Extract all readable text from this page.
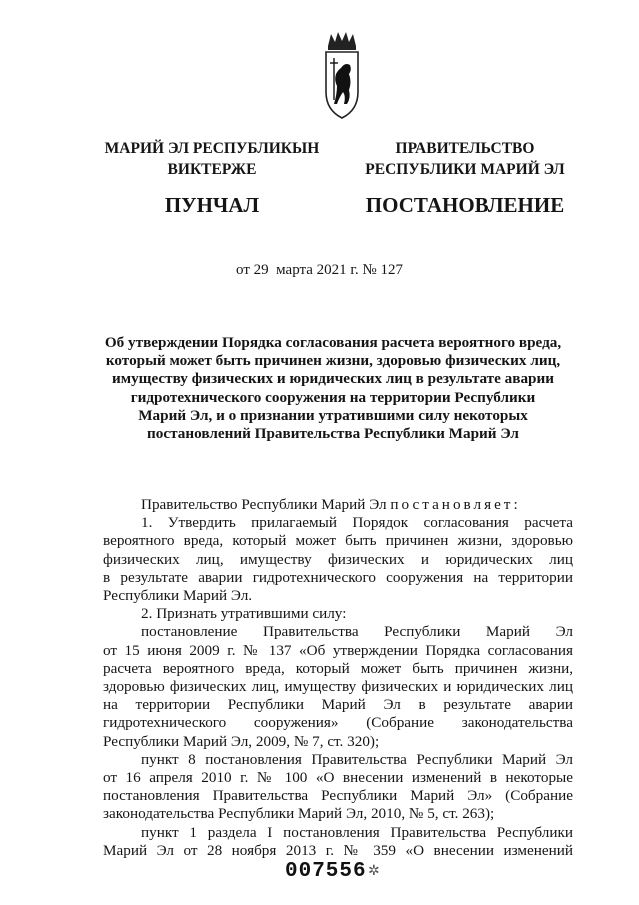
МАРИЙ ЭЛ РЕСПУБЛИКЫН
ВИКТЕРЖЕ
ПУНЧАЛ
ПРАВИТЕЛЬСТВО
РЕСПУБЛИКИ МАРИЙ ЭЛ
ПОСТАНОВЛЕНИЕ
от 29  марта 2021 г. № 127
Об утверждении Порядка согласования расчета вероятного вреда,
который может быть причинен жизни, здоровью физических лиц,
имуществу физических и юридических лиц в результате аварии
гидротехнического сооружения на территории Республики
Марий Эл, и о признании утратившими силу некоторых
постановлений Правительства Республики Марий Эл
Правительство Республики Марий Эл постановляет:
1. Утвердить прилагаемый Порядок согласования расчета
вероятного вреда, который может быть причинен жизни, здоровью
физических лиц, имуществу физических и юридических лиц
в результате аварии гидротехнического сооружения на территории
Республики Марий Эл.
2. Признать утратившими силу:
постановление Правительства Республики Марий Эл
от 15 июня 2009 г. № 137 «Об утверждении Порядка согласования
расчета вероятного вреда, который может быть причинен жизни,
здоровью физических лиц, имуществу физических и юридических лиц
на территории Республики Марий Эл в результате аварии
гидротехнического сооружения» (Собрание законодательства
Республики Марий Эл, 2009, № 7, ст. 320);
пункт 8 постановления Правительства Республики Марий Эл
от 16 апреля 2010 г. № 100 «О внесении изменений в некоторые
постановления Правительства Республики Марий Эл» (Собрание
законодательства Республики Марий Эл, 2010, № 5, ст. 263);
пункт 1 раздела I постановления Правительства Республики
Марий Эл от 28 ноября 2013 г. № 359 «О внесении изменений
007556 ✲
